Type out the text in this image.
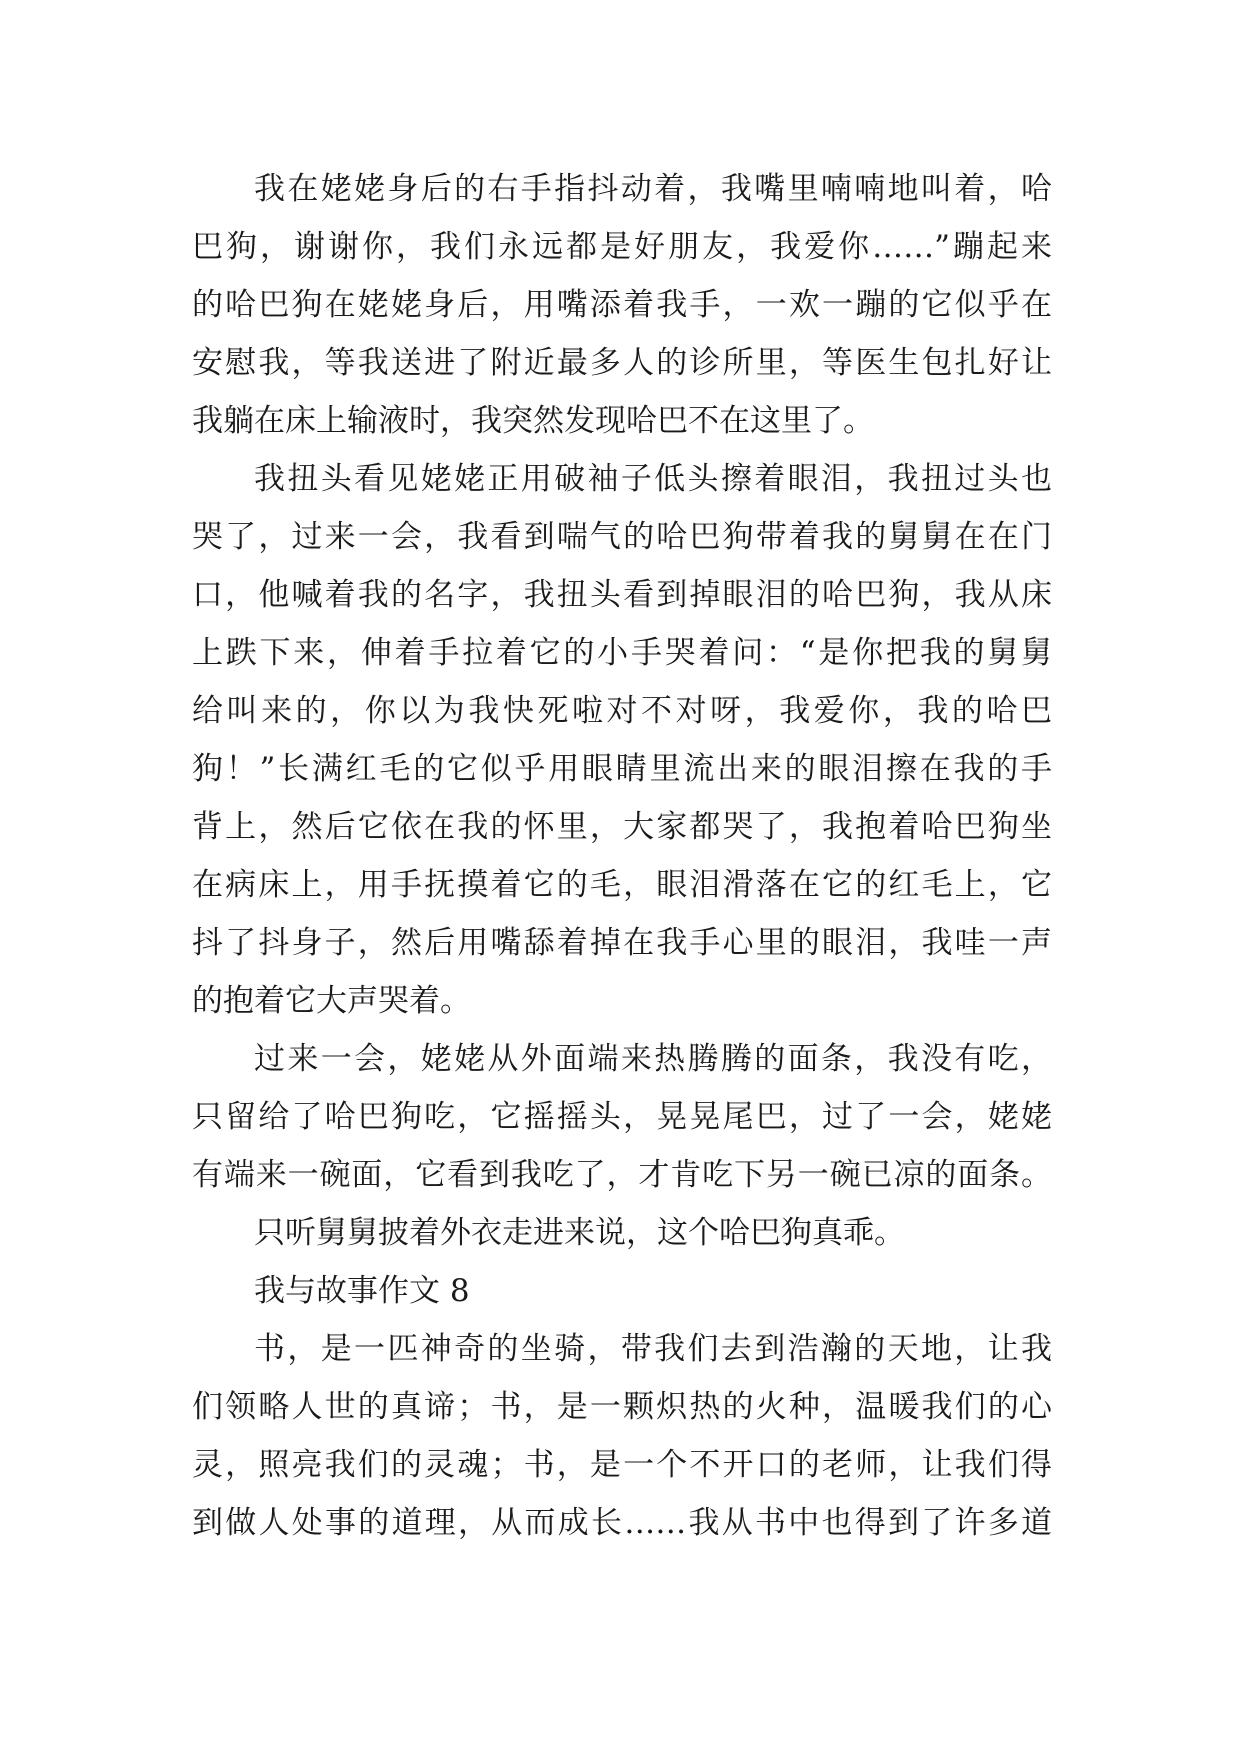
我在姥姥身后的右手指抖动着，我嘴里喃喃地叫着，哈
巴狗，谢谢你，我们永远都是好朋友，我爱你……”蹦起来
的哈巴狗在姥姥身后，用嘴添着我手，一欢一蹦的它似乎在
安慰我，等我送进了附近最多人的诊所里，等医生包扎好让
我躺在床上输液时，我突然发现哈巴不在这里了。
我扭头看见姥姥正用破袖子低头擦着眼泪，我扭过头也
哭了，过来一会，我看到喘气的哈巴狗带着我的舅舅在在门
口，他喊着我的名字，我扭头看到掉眼泪的哈巴狗，我从床
上跌下来，伸着手拉着它的小手哭着问：“是你把我的舅舅
给叫来的，你以为我快死啦对不对呀，我爱你，我的哈巴
狗！”长满红毛的它似乎用眼睛里流出来的眼泪擦在我的手
背上，然后它依在我的怀里，大家都哭了，我抱着哈巴狗坐
在病床上，用手抚摸着它的毛，眼泪滑落在它的红毛上，它
抖了抖身子，然后用嘴舔着掉在我手心里的眼泪，我哇一声
的抱着它大声哭着。
过来一会，姥姥从外面端来热腾腾的面条，我没有吃，
只留给了哈巴狗吃，它摇摇头，晃晃尾巴，过了一会，姥姥
有端来一碗面，它看到我吃了，才肯吃下另一碗已凉的面条。
只听舅舅披着外衣走进来说，这个哈巴狗真乖。
我与故事作文 8
书，是一匹神奇的坐骑，带我们去到浩瀚的天地，让我
们领略人世的真谛；书，是一颗炽热的火种，温暖我们的心
灵，照亮我们的灵魂；书，是一个不开口的老师，让我们得
到做人处事的道理，从而成长……我从书中也得到了许多道
